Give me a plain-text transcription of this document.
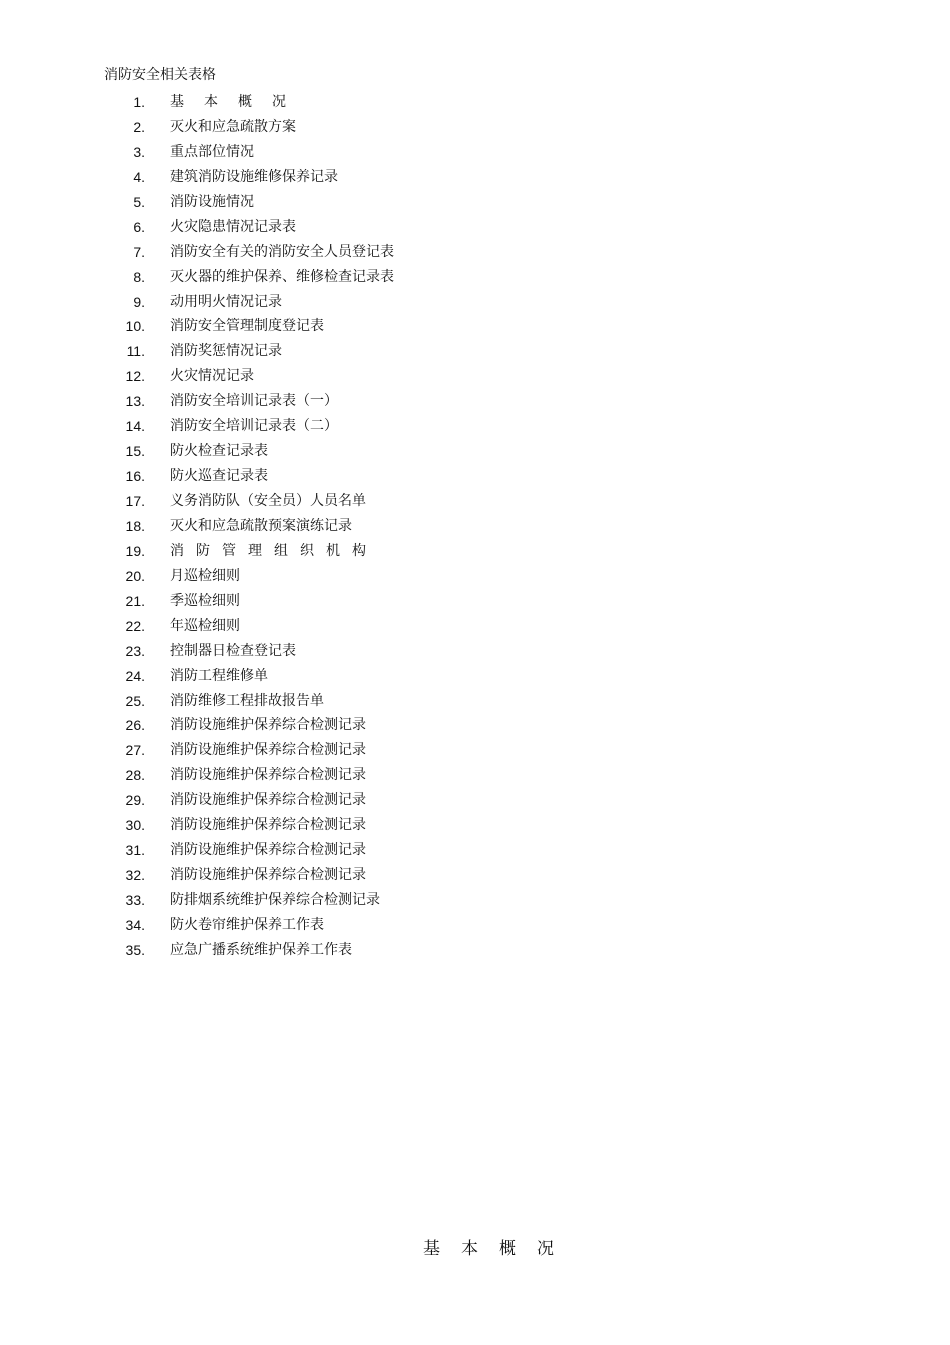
消防安全相关表格
1. 基本概况
2. 灭火和应急疏散方案
3. 重点部位情况
4. 建筑消防设施维修保养记录
5. 消防设施情况
6. 火灾隐患情况记录表
7. 消防安全有关的消防安全人员登记表
8. 灭火器的维护保养、维修检查记录表
9. 动用明火情况记录
10. 消防安全管理制度登记表
11. 消防奖惩情况记录
12. 火灾情况记录
13. 消防安全培训记录表（一）
14. 消防安全培训记录表（二）
15. 防火检查记录表
16. 防火巡查记录表
17. 义务消防队（安全员）人员名单
18. 灭火和应急疏散预案演练记录
19. 消防管理组织机构
20. 月巡检细则
21. 季巡检细则
22. 年巡检细则
23. 控制器日检查登记表
24. 消防工程维修单
25. 消防维修工程排故报告单
26. 消防设施维护保养综合检测记录
27. 消防设施维护保养综合检测记录
28. 消防设施维护保养综合检测记录
29. 消防设施维护保养综合检测记录
30. 消防设施维护保养综合检测记录
31. 消防设施维护保养综合检测记录
32. 消防设施维护保养综合检测记录
33. 防排烟系统维护保养综合检测记录
34. 防火卷帘维护保养工作表
35. 应急广播系统维护保养工作表
基本概况
